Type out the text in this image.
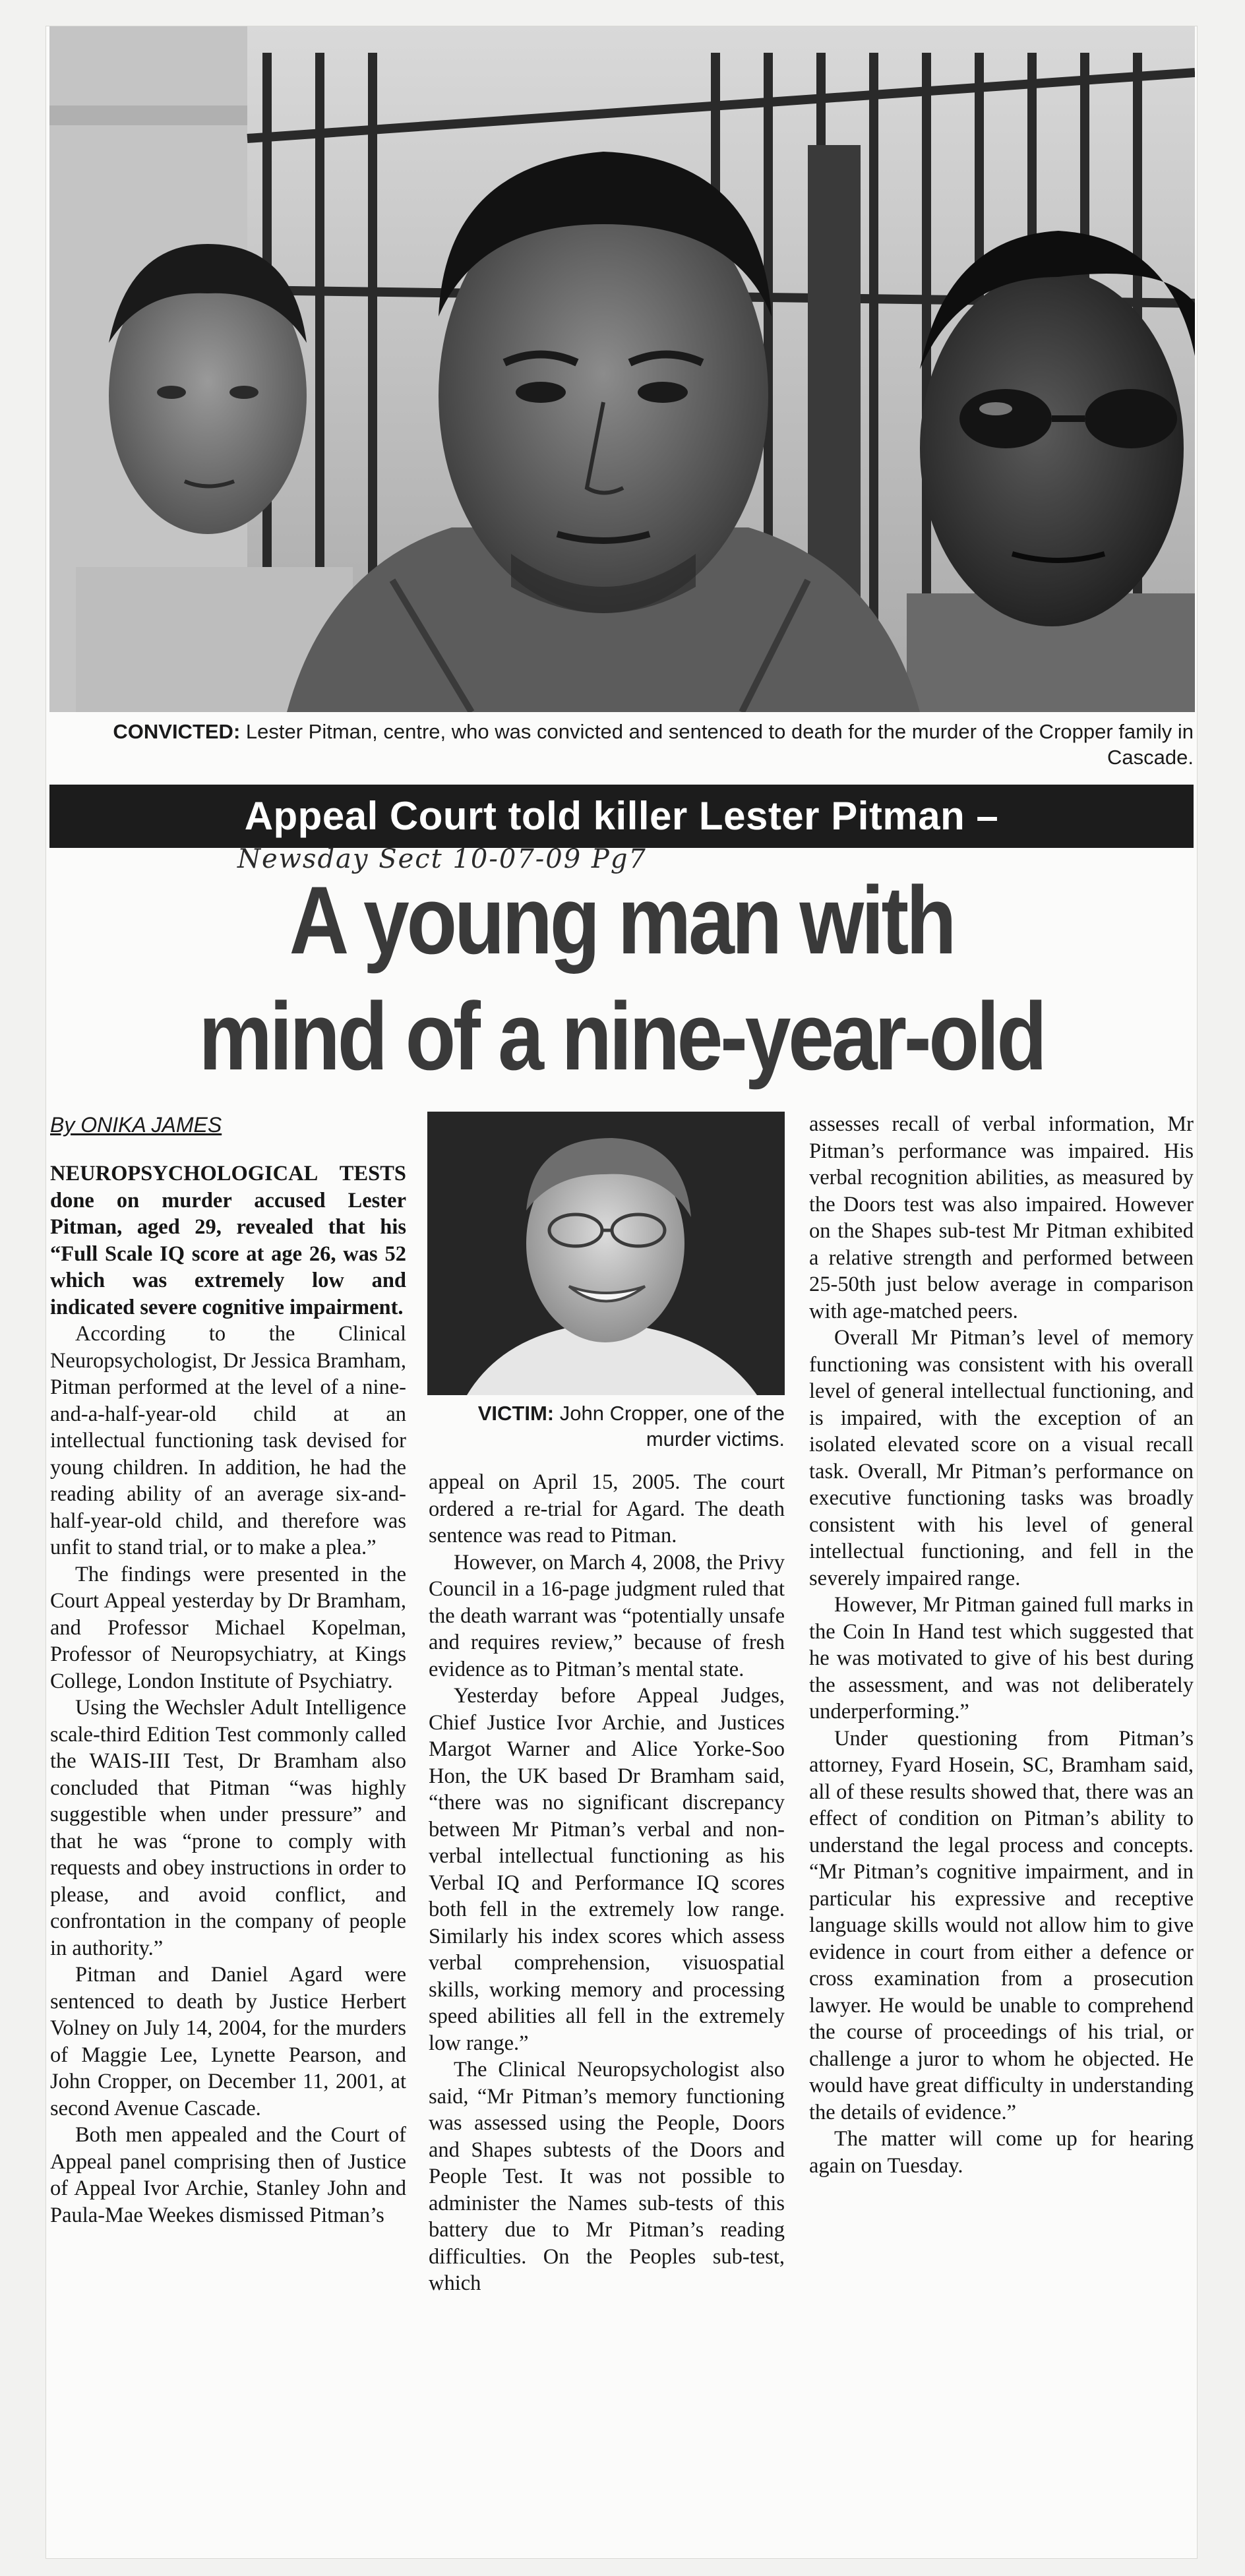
CONVICTED: Lester Pitman, centre, who was convicted and sentenced to death for the murder of the Cropper family in Cascade.
Appeal Court told killer Lester Pitman –
Newsday Sect 10-07-09 Pg7
A young man with
mind of a nine-year-old
By ONIKA JAMES

NEUROPSYCHOLOGICAL TESTS done on murder accused Lester Pitman, aged 29, revealed that his “Full Scale IQ score at age 26, was 52 which was extremely low and indicated severe cognitive impairment.

According to the Clinical Neuropsychologist, Dr Jessica Bramham, Pitman performed at the level of a nine-and-a-half-year-old child at an intellectual functioning task devised for young children. In addition, he had the reading ability of an average six-and-half-year-old child, and therefore was unfit to stand trial, or to make a plea.”

The findings were presented in the Court Appeal yesterday by Dr Bramham, and Professor Michael Kopelman, Professor of Neuropsychiatry, at Kings College, London Institute of Psychiatry.

Using the Wechsler Adult Intelligence scale-third Edition Test commonly called the WAIS-III Test, Dr Bramham also concluded that Pitman “was highly suggestible when under pressure” and that he was “prone to comply with requests and obey instructions in order to please, and avoid conflict, and confrontation in the company of people in authority.”

Pitman and Daniel Agard were sentenced to death by Justice Herbert Volney on July 14, 2004, for the murders of Maggie Lee, Lynette Pearson, and John Cropper, on December 11, 2001, at second Avenue Cascade.

Both men appealed and the Court of Appeal panel comprising then of Justice of Appeal Ivor Archie, Stanley John and Paula-Mae Weekes dismissed Pitman’s

VICTIM: John Cropper, one of the murder victims.

appeal on April 15, 2005. The court ordered a re-trial for Agard. The death sentence was read to Pitman.

However, on March 4, 2008, the Privy Council in a 16-page judgment ruled that the death warrant was “potentially unsafe and requires review,” because of fresh evidence as to Pitman’s mental state.

Yesterday before Appeal Judges, Chief Justice Ivor Archie, and Justices Margot Warner and Alice Yorke-Soo Hon, the UK based Dr Bramham said, “there was no significant discrepancy between Mr Pitman’s verbal and non-verbal intellectual functioning as his Verbal IQ and Performance IQ scores both fell in the extremely low range. Similarly his index scores which assess verbal comprehension, visuospatial skills, working memory and processing speed abilities all fell in the extremely low range.”

The Clinical Neuropsychologist also said, “Mr Pitman’s memory functioning was assessed using the People, Doors and Shapes subtests of the Doors and People Test. It was not possible to administer the Names sub-tests of this battery due to Mr Pitman’s reading difficulties. On the Peoples sub-test, which

assesses recall of verbal information, Mr Pitman’s performance was impaired. His verbal recognition abilities, as measured by the Doors test was also impaired. However on the Shapes sub-test Mr Pitman exhibited a relative strength and performed between 25-50th just below average in comparison with age-matched peers.

Overall Mr Pitman’s level of memory functioning was consistent with his overall level of general intellectual functioning, and is impaired, with the exception of an isolated elevated score on a visual recall task. Overall, Mr Pitman’s performance on executive functioning tasks was broadly consistent with his level of general intellectual functioning, and fell in the severely impaired range.

However, Mr Pitman gained full marks in the Coin In Hand test which suggested that he was motivated to give of his best during the assessment, and was not deliberately underperforming.”

Under questioning from Pitman’s attorney, Fyard Hosein, SC, Bramham said, all of these results showed that, there was an effect of condition on Pitman’s ability to understand the legal process and concepts. “Mr Pitman’s cognitive impairment, and in particular his expressive and receptive language skills would not allow him to give evidence in court from either a defence or cross examination from a prosecution lawyer. He would be unable to comprehend the course of proceedings of his trial, or challenge a juror to whom he objected. He would have great difficulty in understanding the details of evidence.”

The matter will come up for hearing again on Tuesday.
